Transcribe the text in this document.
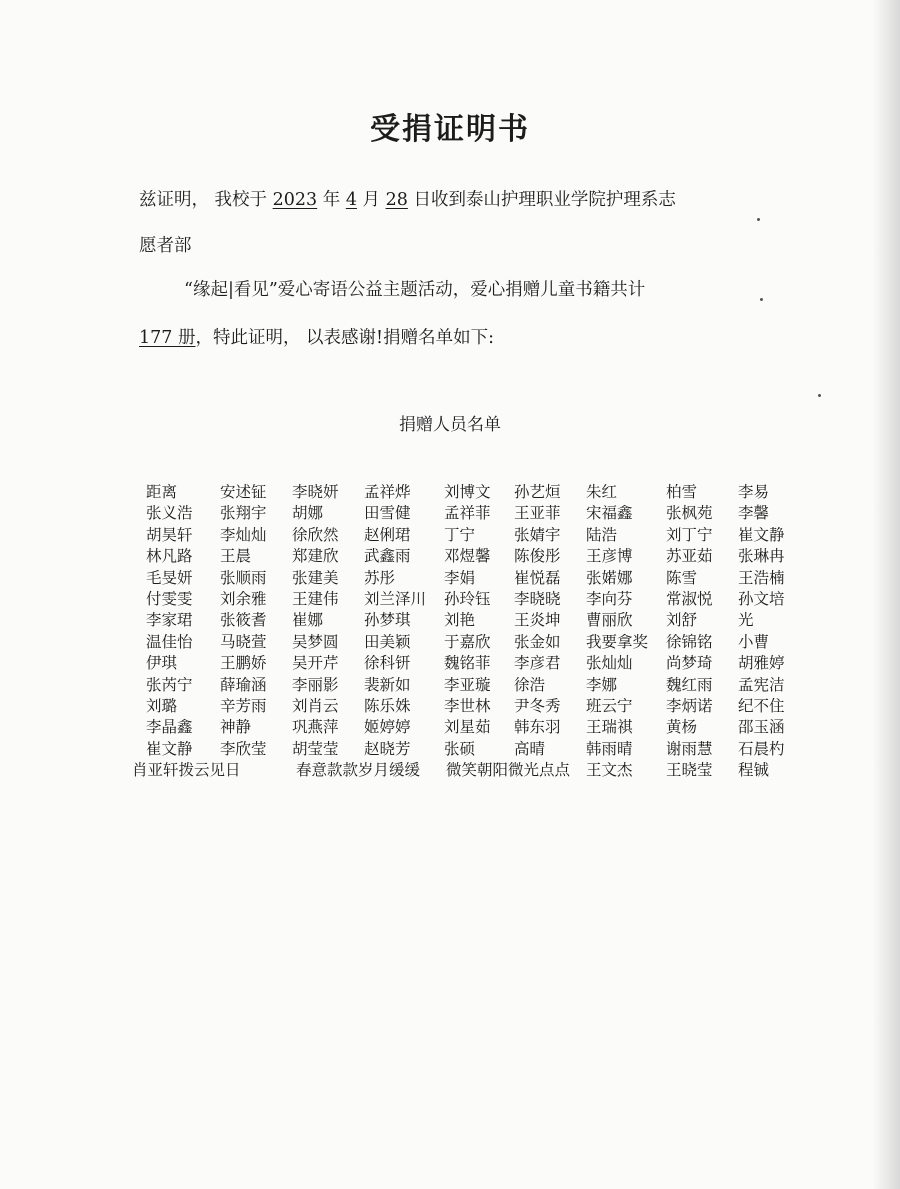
受捐证明书
兹证明， 我校于 2023 年 4 月 28 日收到泰山护理职业学院护理系志
愿者部
“缘起|看见”爱心寄语公益主题活动，爱心捐赠儿童书籍共计
177 册，特此证明， 以表感谢!捐赠名单如下:
捐赠人员名单
距离	安述钲 李晓妍 孟祥烨 刘博文 孙艺烜 朱红	柏雪	李易
张义浩 张翔宇 胡娜	田雪健 孟祥菲 王亚菲 宋福鑫 张枫苑 李馨
胡昊轩 李灿灿 徐欣然 赵俐珺 丁宁	张婧宇 陆浩	刘丁宁 崔文静
林凡路 王晨	郑建欣 武鑫雨 邓煜馨 陈俊彤 王彦博 苏亚茹 张琳冉
毛旻妍 张顺雨 张建美 苏彤	李娟	崔悦磊 张婼娜 陈雪	王浩楠
付雯雯 刘余雅 王建伟 刘兰泽川 孙玲钰 李晓晓 李向芬 常淑悦 孙文培
李家珺 张筱耆 崔娜	孙梦琪 刘艳	王炎坤 曹丽欣 刘舒	光
温佳怡 马晓萱 吴梦圆 田美颖 于嘉欣 张金如 我要拿奖 徐锦铭 小曹
伊琪	王鹏娇 吴开芹 徐科钘 魏铭菲 李彦君 张灿灿 尚梦琦 胡雅婷
张芮宁 薛瑜涵 李丽影 裴新如 李亚璇 徐浩	李娜	魏红雨 孟宪洁
刘璐	辛芳雨 刘肖云 陈乐姝 李世林 尹冬秀 班云宁 李炳诺 纪不住
李晶鑫 神静	巩燕萍 姬婷婷 刘星茹 韩东羽 王瑞祺 黄杨	邵玉涵
崔文静 李欣莹 胡莹莹 赵晓芳 张硕	高晴	韩雨晴 谢雨慧 石晨杓
肖亚轩拨云见日	春意款款岁月缓缓 微笑朝阳微光点点 王文杰 王晓莹 程铖
